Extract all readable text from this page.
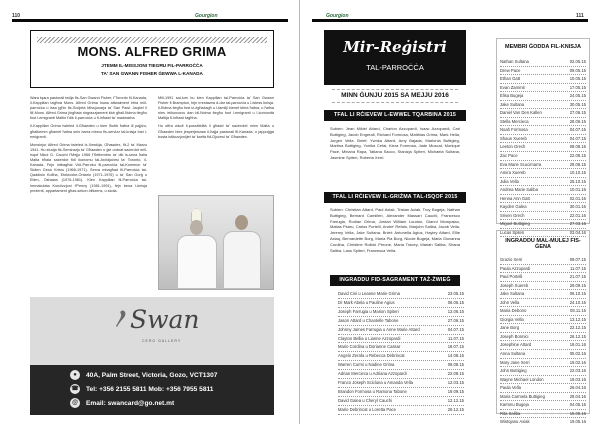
110	Gourgion
MONS. ALFRED GRIMA
JTEMM IL-MISSJONI TIEGĦU FIL-PARROĊĊA
TA' SAN GWANN FISHER ĠEWWA L-KANADA

Wara tqara pastorali twilja fis-San Gwann Fisher, f'Toronto fil-Kanada, il-Kappillan tagħna Mons. Alfred Grima huwa attwalment irtira mill-parroċċa u issa jgħix fis-Soċjetà Missjunarja ta' San Pawl. Jaqbel li lill-Mons. Alfred Grima jingħata ringrazzjament kbir għall-ħidma tiegħu fost l-emigranti Maltin f'dik il-parroċċa u fl-inħawi ta' madwarha.

Il-Kappillan Grima twieled il-Għawdex u kien iħobb ħafna lil pajjiżu, għalkemm għamel ħafna snin barra minnu fis-servizz tal-knisja fost l-emigranti.

Monsinjur Alfred Grima twieled ix-Xewkija, Għawdex, fit-2 ta' Marzu 1941. Hu studja fis-Seminarju ta' Għawdex u ġie ordnat saċerdot mill-Isqof Nikol G. Cauchi f'Mejju 1966 f'Settembru ta' dik is-sena ħalla Malta bħala saċerdot fidi ikonomu tal-Arċidjoċesi ta' Toronto, il-Kanada. Fejn intbagħat Viċi-Parroku fil-parroċċa tal-Kommun ta' Sidien Gesù Kristu (1968-1971). Serva mbagħad fil-Parroċċa tal-Qaddisin Kollha, Etobicoke-Ontario (1971-1976) u ta' San Gorġ u Etien, Oshawa (1976-1981). Kien Kappillan fil-Parroċċa tal-Immakulata Kunċizzjoni f'Penny (1981-1991), fejn bena l-knisja preżenti, appartament għas-sekon ċittizens, u skola.

Mill-1991 sal-lum hu kien Kappillan tal-Parroċċa ta' San Gwann Fisher fi Brampton, fejn irrestawra d-dar tal-parroċċa u l-istess knisja. Il-ħidma tiegħu fost iż-żgħażagħ u l-familji kienet kbira ħafna, u ħafna nies irrikonoxxu dan bil-ħidma tiegħu fost l-emigranti u l-komunità Maltija fl-inħawi tagħha.

Hu offra wkoll il-possibbiltà li għadd ta' saċerdoti minn Malta u Għawdex biex jesperjenzaw il-ħajja pastorali fil-Kanada, u jappoġġa bosta istituzzjonijiet ta' karità fid-Djoċesi ta' Għawdex.

Swan
CERO GALLERY
●	40A, Palm Street, Victoria, Gozo, VCT1307
☎ Tel: +356 2155 5811 Mob: +356 7955 5811
@	Email: swancard@go.net.mt
Gourgion	111
Mir-Reġistri
TAL-PARROĊĊA
MINN ĠUNJU 2015 SA MEJJU 2016
TFAL LI RĊIEVEW L-EWWEL TQARBINA 2015
Subien: Jean Mikiel Attard, Charlon Azzopardi, Isaac Azzopardi, Carl Buttigieg, Jacob Engerall, Richard Formosa, Matthias Grima, Mark Hella, Jurgen Vella. Bniet: Ywnka Attard, Amy Bajada, Marlonia Buttigieg, Martina Buttigieg, Yonika Cefai, Kiera Formosa, Jade Muscat, Monique Pace, Miriana Rapa, Tatiana Sacco, Stanizja Spiteri, Michaela Sultana, Jasmine Spiteri, Roberta Xerri.
TFAL LI RĊIEVEW IL-GRIŻMA TAL-ISQOF 2015
Subien: Christian Attard, Paul Axiak, Tristan Axiak, Troy Bugeja, Nathan Buttigieg, Bernard Camilleri, Alexander Massarì Cauchi, Francesco Farrugia, Rodian Grima, Jordan William Loudon, Gianni Mompalao, Matias Psaru, Carlos Portelli, Andre' Refalo, Marjohn Saliba, Jacob Vella, Jeremy Vella, Jake Sultana. Bniet: Antonella Agius, Hayley Attard, Ellie Axiaq, Bernardette Borg, Maria Pia Borg, Nicole Bugeja, Maria Giovanna Cordina, Christine Rolicki Pirrone, Maria Tracey, Mariah Saliba, Shana Saliba, Laus Spiteri, Francesca Vella.
INGRADDU FID-SAGRAMENT TAŻ-ŻWIEĠ
David Cini u Leanne Marie Grima	23.05.15
Dr Mark Abela u Pauline Agius	06.06.15
Joseph Farrugia u Marion Spiteri	12.06.15
Jason Attard u Chantelle Tabone	27.06.15
Johnny James Farrugia u Anne Marie Attard	04.07.15
Clayton Bellia u Lianne Azzopardi	11.07.15
Mario Cordina u Dorianne Cassar	18.07.15
Angelo Zerafa u Rebecca Debrincat	14.08.15
Warren Curmi u Nadine Grima	08.08.15
Adrian Mercieca u Adriana Azzopardi	22.08.15
Franco Joseph Scicluna u Amanda Vella	12.03.15
Brandon Formosa u Ramona Tabone	19.09.15
David Galea u Cheryl Cauchi	12.12.15
Mario Debrincat u Loretta Pace	26.12.15
MEMBRI ĠODDA FIL-KNISJA
Nathan Sultana	02.05.15
Drew Pace	09.05.15
Ethan Gatt	10.05.15
Evan Zammit	17.05.15
Elisa Bugeja	24.05.15
Jake Sultana	30.05.15
Daniel Van Den Kallen	27.06.15
Stella Mercieca	28.06.15
Noah Formosa	04.07.15
Shaun Xuereb	04.07.15
Leeton Grech	08.08.15
Zac Pace	22.08.15
Eva Marie Scucimarra	29.08.15
Amira Xuereb	10.10.15
Julia Vella	25.10.15
Andrea Marie Saliba	10.01.16
Henna Ann Gatt	02.01.16
Kayden Galea	30.01.16
Sriven Grech	22.01.16
Miguel Buttigieg	27.03.16
Lucas Spiteri	03.04.16
INGRADDU MAL-MULEJ FIS-ĠENA
Grazio Xerri	09.07.15
Paula Azzopardi	11.07.15
Paul Portelli	21.07.15
Joseph Xuereb	29.09.15
Jake Sultana	06.10.15
John Vella	24.10.15
Maria Debono	08.11.15
Giorgia Vella	13.12.15
Jane Borg	22.12.15
Joseph Bonnici	26.12.15
Josephine Attard	16.01.16
Anna Sultana	05.02.16
Mary Jane Xerri	19.02.16
John Buttigieg	22.03.16
Wayne Michael London	19.03.16
Paula Vella	26.04.16
Maria Carmela Buttigieg	29.04.16
Karmnu Bugeja	04.05.16
Rita Saliba	15.05.16
Wistojanu Axiak	19.05.16
